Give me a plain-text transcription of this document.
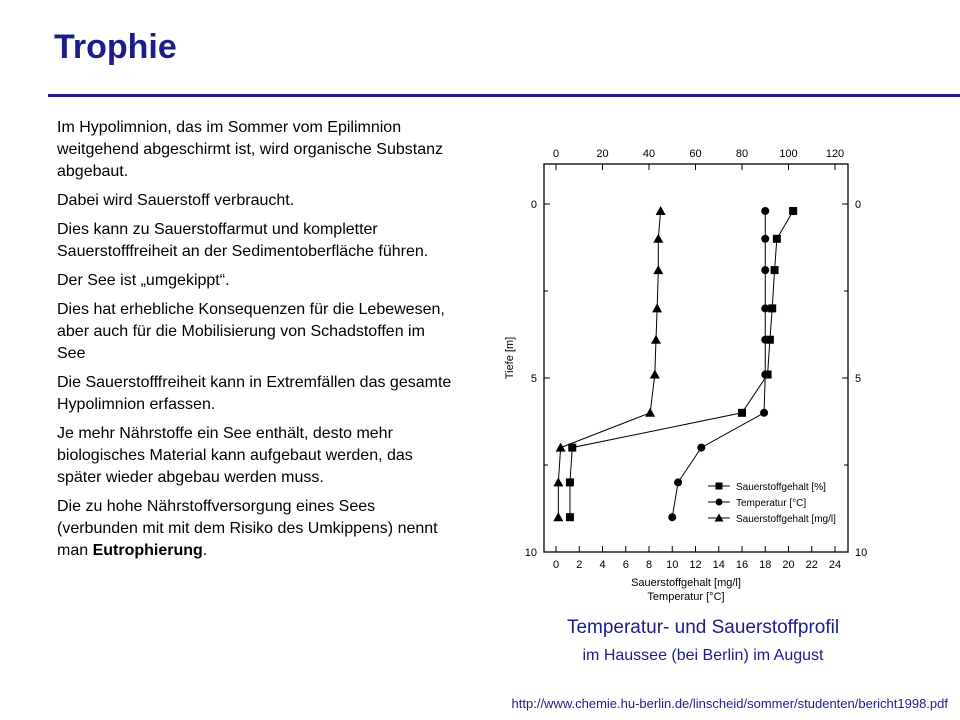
Trophie

Im Hypolimnion, das im Sommer vom Epilimnion weitgehend abgeschirmt ist, wird organische Substanz abgebaut.

Dabei wird Sauerstoff verbraucht.

Dies kann zu Sauerstoffarmut und kompletter Sauerstofffreiheit an der Sedimentoberfläche führen.

Der See ist „umgekippt“.

Dies hat erhebliche Konsequenzen für die Lebewesen, aber auch für die Mobilisierung von Schadstoffen im See

Die Sauerstofffreiheit kann in Extremfällen das gesamte Hypolimnion erfassen.

Je mehr Nährstoffe ein See enthält, desto mehr biologisches Material kann aufgebaut werden, das später wieder abgebau werden muss.

Die zu hohe Nährstoffversorgung eines Sees (verbunden mit mit dem Risiko des Umkippens) nennt man Eutrophierung.

0	20	40	60	80	100	120
0 2 4 6 8 10 12 14 16 18 20 22 24
0	0
5	5
10	10
Tiefe [m]
Sauerstoffgehalt [mg/l]
Temperatur [°C]
Sauerstoffgehalt [%]
Temperatur [°C]
Sauerstoffgehalt [mg/l]
Temperatur- und Sauerstoffprofil
im Haussee (bei Berlin) im August
http://www.chemie.hu-berlin.de/linscheid/sommer/studenten/bericht1998.pdf
